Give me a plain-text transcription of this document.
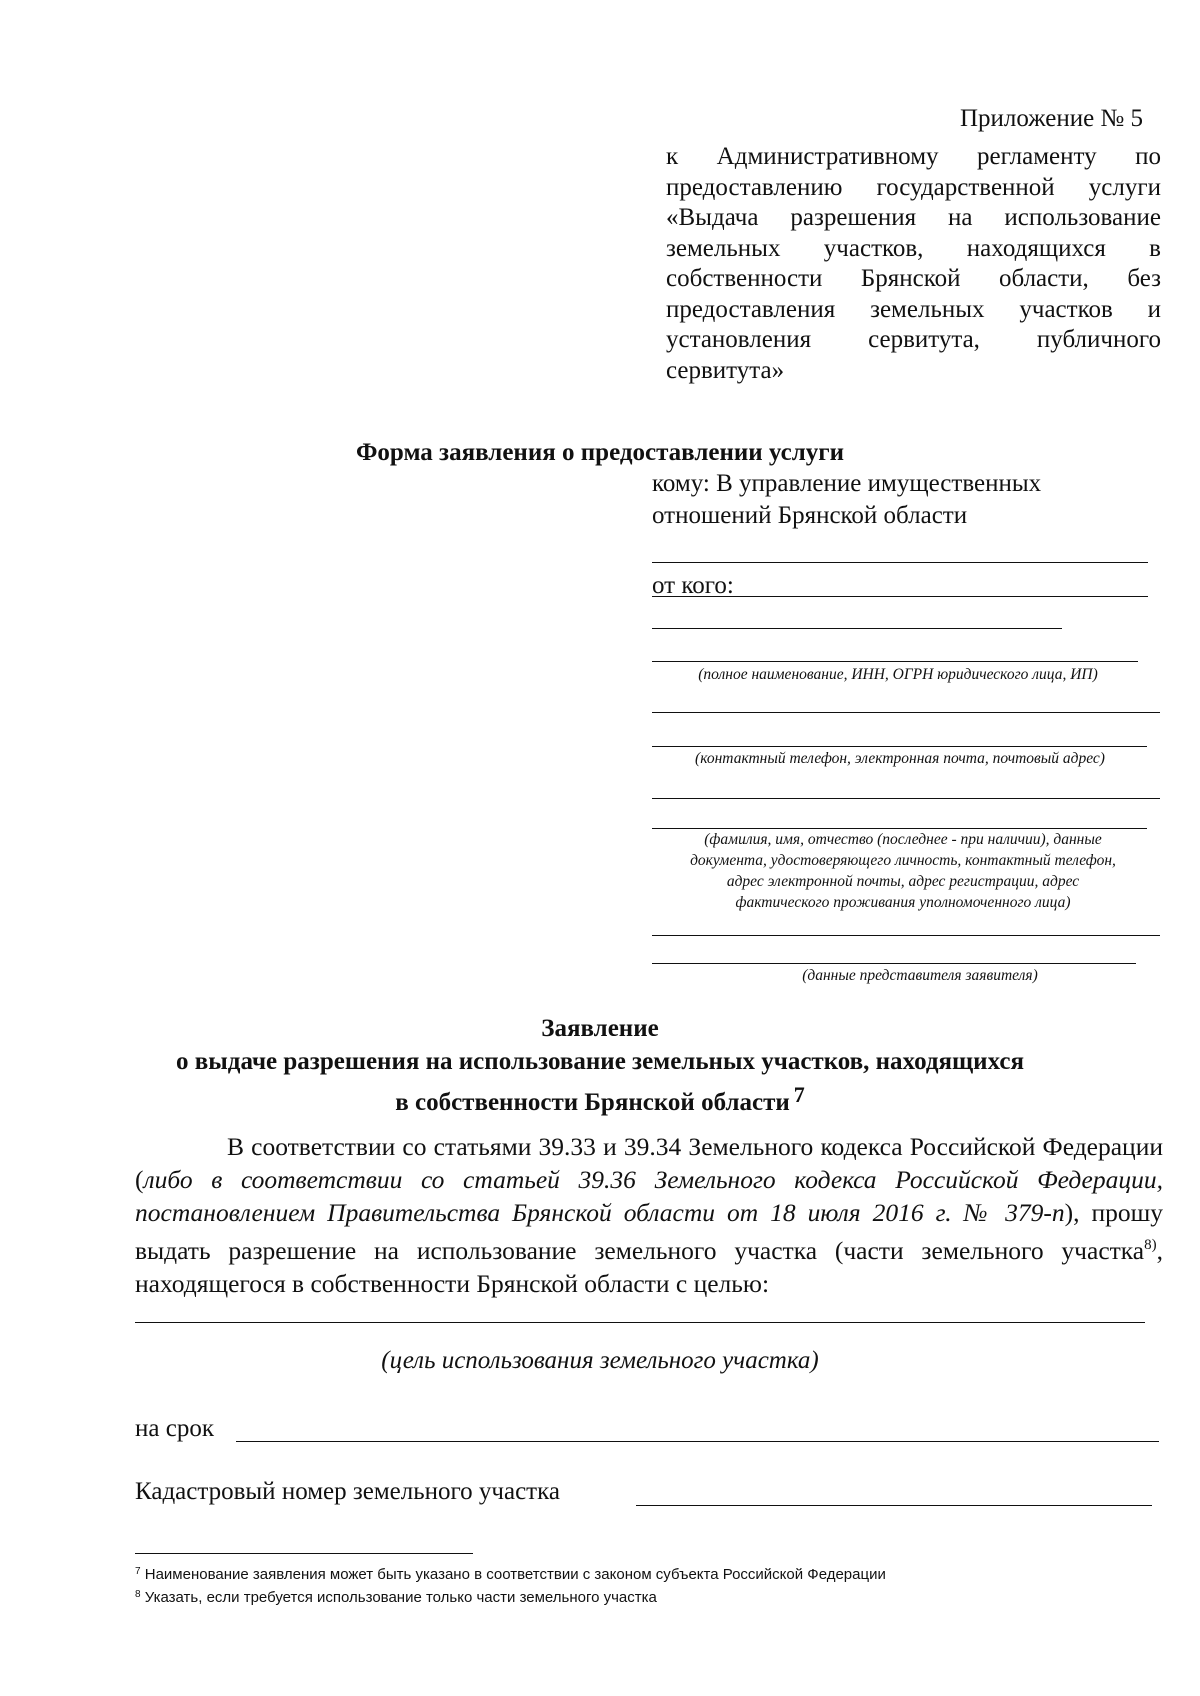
Приложение № 5
к Административному регламенту по предоставлению государственной услуги «Выдача разрешения на использование земельных участков, находящихся в собственности Брянской области, без предоставления земельных участков и установления сервитута, публичного сервитута»
Форма заявления о предоставлении услуги
кому: В управление имущественных
отношений Брянской области
от кого:
(полное наименование, ИНН, ОГРН юридического лица, ИП)
(контактный телефон, электронная почта, почтовый адрес)
(фамилия, имя, отчество (последнее - при наличии), данные
документа, удостоверяющего личность, контактный телефон,
адрес электронной почты, адрес регистрации, адрес
фактического проживания уполномоченного лица)
(данные представителя заявителя)
Заявление
о выдаче разрешения на использование земельных участков, находящихся
в собственности Брянской области $^7$
В соответствии со статьями 39.33 и 39.34 Земельного кодекса Российской Федерации (либо в соответствии со статьей 39.36 Земельного кодекса Российской Федерации, постановлением Правительства Брянской области от 18 июля 2016 г. № 379-п), прошу выдать разрешение на использование земельного участка (части земельного участка$^{8)}$, находящегося в собственности Брянской области с целью:
(цель использования земельного участка)
на срок
Кадастровый номер земельного участка
$^7$ Наименование заявления может быть указано в соответствии с законом субъекта Российской Федерации
$^8$ Указать, если требуется использование только части земельного участка
